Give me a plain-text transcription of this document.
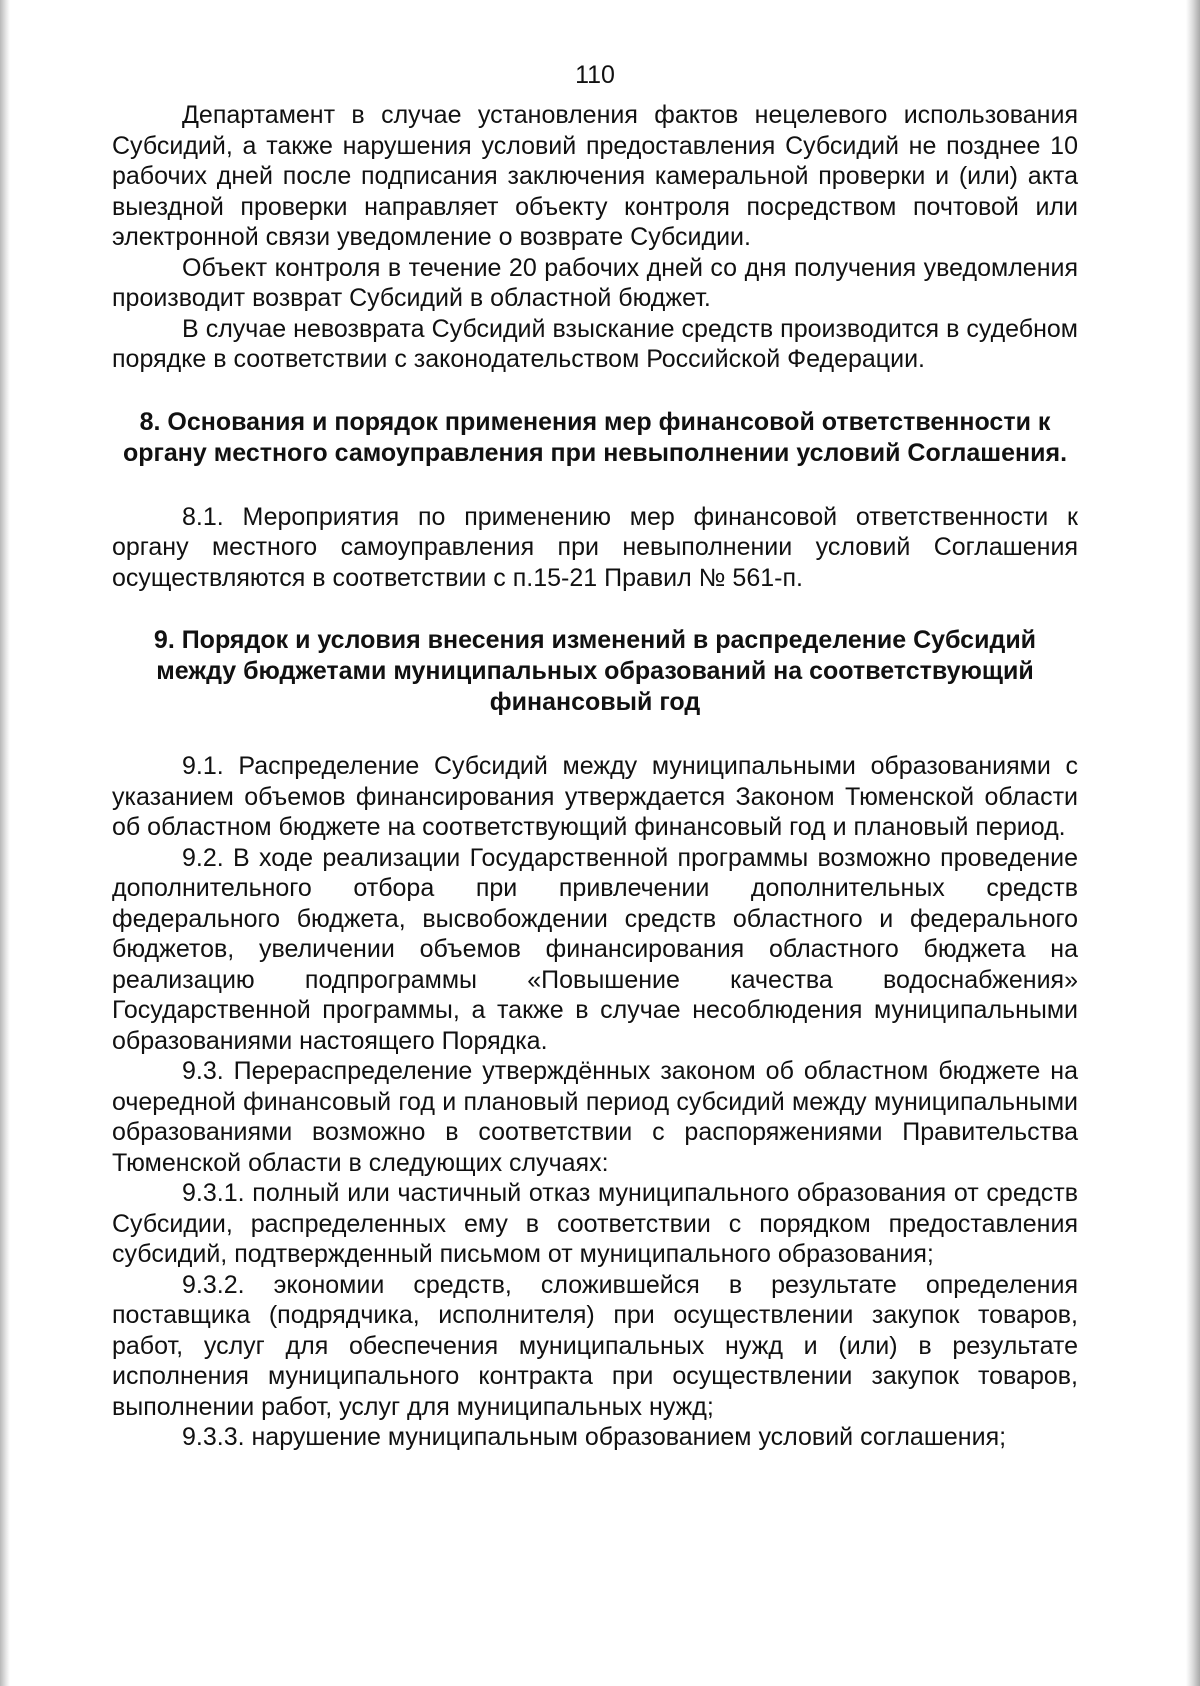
110

Департамент в случае установления фактов нецелевого использования Субсидий, а также нарушения условий предоставления Субсидий не позднее 10 рабочих дней после подписания заключения камеральной проверки и (или) акта выездной проверки направляет объекту контроля посредством почтовой или электронной связи уведомление о возврате Субсидии.

Объект контроля в течение 20 рабочих дней со дня получения уведомления производит возврат Субсидий в областной бюджет.

В случае невозврата Субсидий взыскание средств производится в судебном порядке в соответствии с законодательством Российской Федерации.

8. Основания и порядок применения мер финансовой ответственности к органу местного самоуправления при невыполнении условий Соглашения.

8.1. Мероприятия по применению мер финансовой ответственности к органу местного самоуправления при невыполнении условий Соглашения осуществляются в соответствии с п.15-21 Правил № 561-п.

9. Порядок и условия внесения изменений в распределение Субсидий между бюджетами муниципальных образований на соответствующий финансовый год

9.1. Распределение Субсидий между муниципальными образованиями с указанием объемов финансирования утверждается Законом Тюменской области об областном бюджете на соответствующий финансовый год и плановый период.

9.2. В ходе реализации Государственной программы возможно проведение дополнительного отбора при привлечении дополнительных средств федерального бюджета, высвобождении средств областного и федерального бюджетов, увеличении объемов финансирования областного бюджета на реализацию подпрограммы «Повышение качества водоснабжения» Государственной программы, а также в случае несоблюдения муниципальными образованиями настоящего Порядка.

9.3. Перераспределение утверждённых законом об областном бюджете на очередной финансовый год и плановый период субсидий между муниципальными образованиями возможно в соответствии с распоряжениями Правительства Тюменской области в следующих случаях:

9.3.1. полный или частичный отказ муниципального образования от средств Субсидии, распределенных ему в соответствии с порядком предоставления субсидий, подтвержденный письмом от муниципального образования;

9.3.2. экономии средств, сложившейся в результате определения поставщика (подрядчика, исполнителя) при осуществлении закупок товаров, работ, услуг для обеспечения муниципальных нужд и (или) в результате исполнения муниципального контракта при осуществлении закупок товаров, выполнении работ, услуг для муниципальных нужд;

9.3.3. нарушение муниципальным образованием условий соглашения;
